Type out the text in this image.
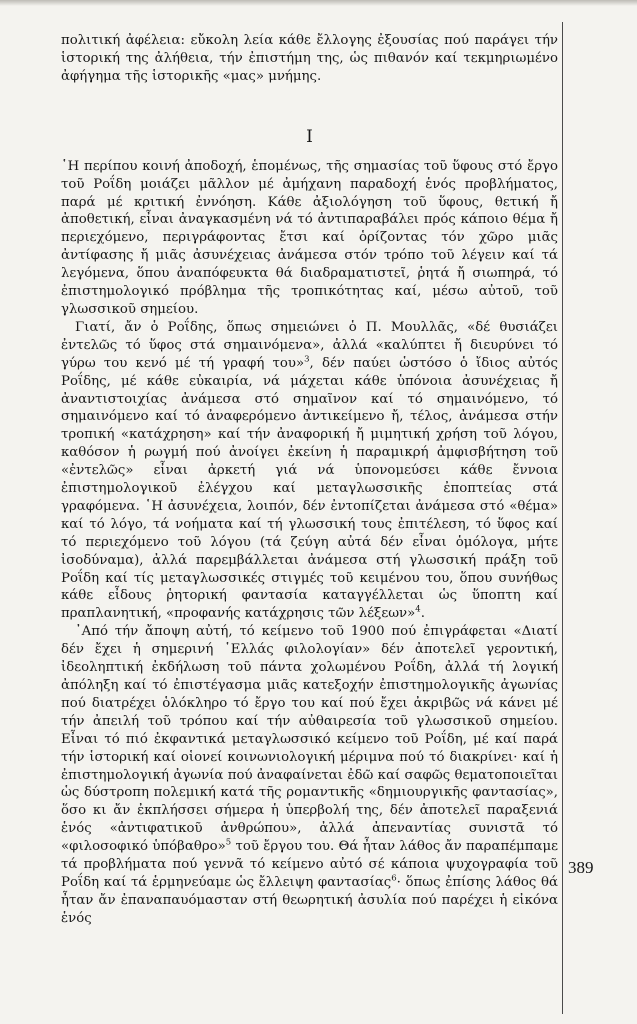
πολιτική ἀφέλεια: εὔκολη λεία κάθε ἔλλογης ἐξουσίας πού παράγει τήν ἱστορική της ἀλήθεια, τήν ἐπιστήμη της, ὡς πιθανόν καί τεκμηριωμένο ἀφήγημα τῆς ἱστορικῆς «μας» μνήμης.

I

῾Η περίπου κοινή ἀποδοχή, ἑπομένως, τῆς σημασίας τοῦ ὕφους στό ἔργο τοῦ Ροΐδη μοιάζει μᾶλλον μέ ἀμήχανη παραδοχή ἑνός προβλήματος, παρά μέ κριτική ἐννόηση. Κάθε ἀξιολόγηση τοῦ ὕφους, θετική ἤ ἀποθετική, εἶναι ἀναγκασμένη νά τό ἀντιπαραβάλει πρός κάποιο θέμα ἤ περιεχόμενο, περιγράφοντας ἔτσι καί ὁρίζοντας τόν χῶρο μιᾶς ἀντίφασης ἤ μιᾶς ἀσυνέχειας ἀνάμεσα στόν τρόπο τοῦ λέγειν καί τά λεγόμενα, ὅπου ἀναπόφευκτα θά διαδραματιστεῖ, ῥητά ἤ σιωπηρά, τό ἐπιστημολογικό πρόβλημα τῆς τροπικότητας καί, μέσω αὐτοῦ, τοῦ γλωσσικοῦ σημείου.

Γιατί, ἄν ὁ Ροΐδης, ὅπως σημειώνει ὁ Π. Μουλλᾶς, «δέ θυσιάζει ἐντελῶς τό ὕφος στά σημαινόμενα», ἀλλά «καλύπτει ἤ διευρύνει τό γύρω του κενό μέ τή γραφή του»$^3$, δέν παύει ὡστόσο ὁ ἴδιος αὐτός Ροΐδης, μέ κάθε εὐκαιρία, νά μάχεται κάθε ὑπόνοια ἀσυνέχειας ἤ ἀναντιστοιχίας ἀνάμεσα στό σημαῖνον καί τό σημαινόμενο, τό σημαινόμενο καί τό ἀναφερόμενο ἀντικείμενο ἤ, τέλος, ἀνάμεσα στήν τροπική «κατάχρηση» καί τήν ἀναφορική ἤ μιμητική χρήση τοῦ λόγου, καθόσον ἡ ρωγμή πού ἀνοίγει ἐκείνη ἡ παραμικρή ἀμφισβήτηση τοῦ «ἐντελῶς» εἶναι ἀρκετή γιά νά ὑπονομεύσει κάθε ἔννοια ἐπιστημολογικοῦ ἐλέγχου καί μεταγλωσσικῆς ἐποπτείας στά γραφόμενα. ῾Η ἀσυνέχεια, λοιπόν, δέν ἐντοπίζεται ἀνάμεσα στό «θέμα» καί τό λόγο, τά νοήματα καί τή γλωσσική τους ἐπιτέλεση, τό ὕφος καί τό περιεχόμενο τοῦ λόγου (τά ζεύγη αὐτά δέν εἶναι ὁμόλογα, μήτε ἰσοδύναμα), ἀλλά παρεμβάλλεται ἀνάμεσα στή γλωσσική πράξη τοῦ Ροΐδη καί τίς μεταγλωσσικές στιγμές τοῦ κειμένου του, ὅπου συνήθως κάθε εἶδους ῥητορική φαντασία καταγγέλλεται ὡς ὕποπτη καί πραπλανητική, «προφανής κατάχρησις τῶν λέξεων»$^4$.

᾿Από τήν ἄποψη αὐτή, τό κείμενο τοῦ 1900 πού ἐπιγράφεται «Διατί δέν ἔχει ἡ σημερινή ῾Ελλάς φιλολογίαν» δέν ἀποτελεῖ γεροντική, ἰδεοληπτική ἐκδήλωση τοῦ πάντα χολωμένου Ροΐδη, ἀλλά τή λογική ἀπόληξη καί τό ἐπιστέγασμα μιᾶς κατεξοχήν ἐπιστημολογικῆς ἀγωνίας πού διατρέχει ὁλόκληρο τό ἔργο του καί πού ἔχει ἀκριβῶς νά κάνει μέ τήν ἀπειλή τοῦ τρόπου καί τήν αὐθαιρεσία τοῦ γλωσσικοῦ σημείου. Εἶναι τό πιό ἐκφαντικά μεταγλωσσικό κείμενο τοῦ Ροΐδη, μέ καί παρά τήν ἱστορική καί οἱονεί κοινωνιολογική μέριμνα πού τό διακρίνει· καί ἡ ἐπιστημολογική ἀγωνία πού ἀναφαίνεται ἐδῶ καί σαφῶς θεματοποιεῖται ὡς δύστροπη πολεμική κατά τῆς ρομαντικῆς «δημιουργικῆς φαντασίας», ὅσο κι ἄν ἐκπλήσσει σήμερα ἡ ὑπερβολή της, δέν ἀποτελεῖ παραξενιά ἑνός «ἀντιφατικοῦ ἀνθρώπου», ἀλλά ἀπεναντίας συνιστᾶ τό «φιλοσοφικό ὑπόβαθρο»$^5$ τοῦ ἔργου του. Θά ἦταν λάθος ἄν παραπέμπαμε τά προβλήματα πού γεννᾶ τό κείμενο αὐτό σέ κάποια ψυχογραφία τοῦ Ροΐδη καί τά ἑρμηνεύαμε ὡς ἔλλειψη φαντασίας$^6$· ὅπως ἐπίσης λάθος θά ἦταν ἄν ἐπαναπαυόμασταν στή θεωρητική ἀσυλία πού παρέχει ἡ εἰκόνα ἑνός

389
